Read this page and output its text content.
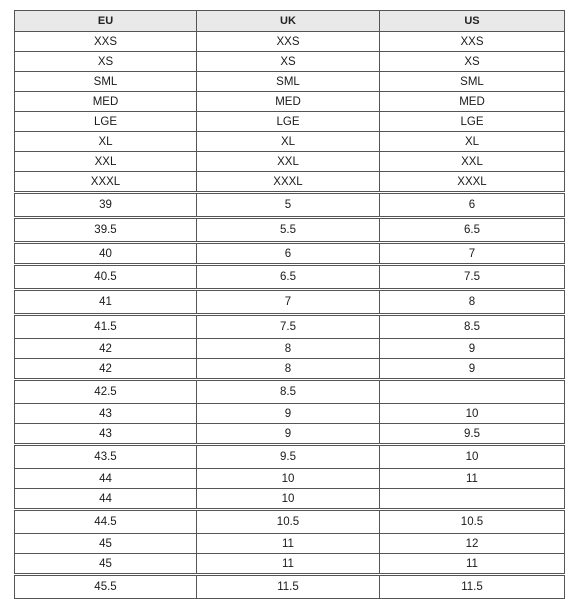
EU	UK	US
XXS	XXS	XXS
XS	XS	XS
SML	SML	SML
MED	MED	MED
LGE	LGE	LGE
XL	XL	XL
XXL	XXL	XXL
XXXL	XXXL	XXXL
39	5	6
39.5	5.5	6.5
40	6	7
40.5	6.5	7.5
41	7	8
41.5	7.5	8.5
42	8	9
42	8	9
42.5	8.5	
43	9	10
43	9	9.5
43.5	9.5	10
44	10	11
44	10	
44.5	10.5	10.5
45	11	12
45	11	11
45.5	11.5	11.5
